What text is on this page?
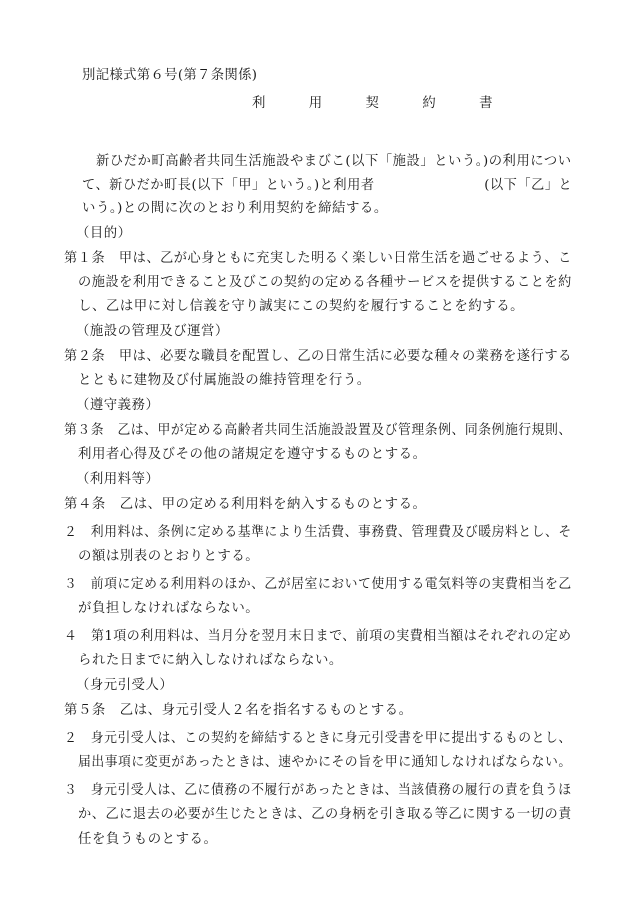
別記様式第６号(第７条関係)
利　用　契　約　書
新ひだか町高齢者共同生活施設やまびこ(以下「施設」という。)の利用につい
て、新ひだか町長(以下「甲」という。)と利用者　　　　　　　　(以下「乙」と
いう。)との間に次のとおり利用契約を締結する。
（目的）
第１条　甲は、乙が心身ともに充実した明るく楽しい日常生活を過ごせるよう、こ
の施設を利用できること及びこの契約の定める各種サービスを提供することを約
し、乙は甲に対し信義を守り誠実にこの契約を履行することを約する。
（施設の管理及び運営）
第２条　甲は、必要な職員を配置し、乙の日常生活に必要な種々の業務を遂行する
とともに建物及び付属施設の維持管理を行う。
（遵守義務）
第３条　乙は、甲が定める高齢者共同生活施設設置及び管理条例、同条例施行規則、
利用者心得及びその他の諸規定を遵守するものとする。
（利用料等）
第４条　乙は、甲の定める利用料を納入するものとする。
２　利用料は、条例に定める基準により生活費、事務費、管理費及び暖房料とし、そ
の額は別表のとおりとする。
３　前項に定める利用料のほか、乙が居室において使用する電気料等の実費相当を乙
が負担しなければならない。
４　第1項の利用料は、当月分を翌月末日まで、前項の実費相当額はそれぞれの定め
られた日までに納入しなければならない。
（身元引受人）
第５条　乙は、身元引受人２名を指名するものとする。
２　身元引受人は、この契約を締結するときに身元引受書を甲に提出するものとし、
届出事項に変更があったときは、速やかにその旨を甲に通知しなければならない。
３　身元引受人は、乙に債務の不履行があったときは、当該債務の履行の責を負うほ
か、乙に退去の必要が生じたときは、乙の身柄を引き取る等乙に関する一切の責
任を負うものとする。
